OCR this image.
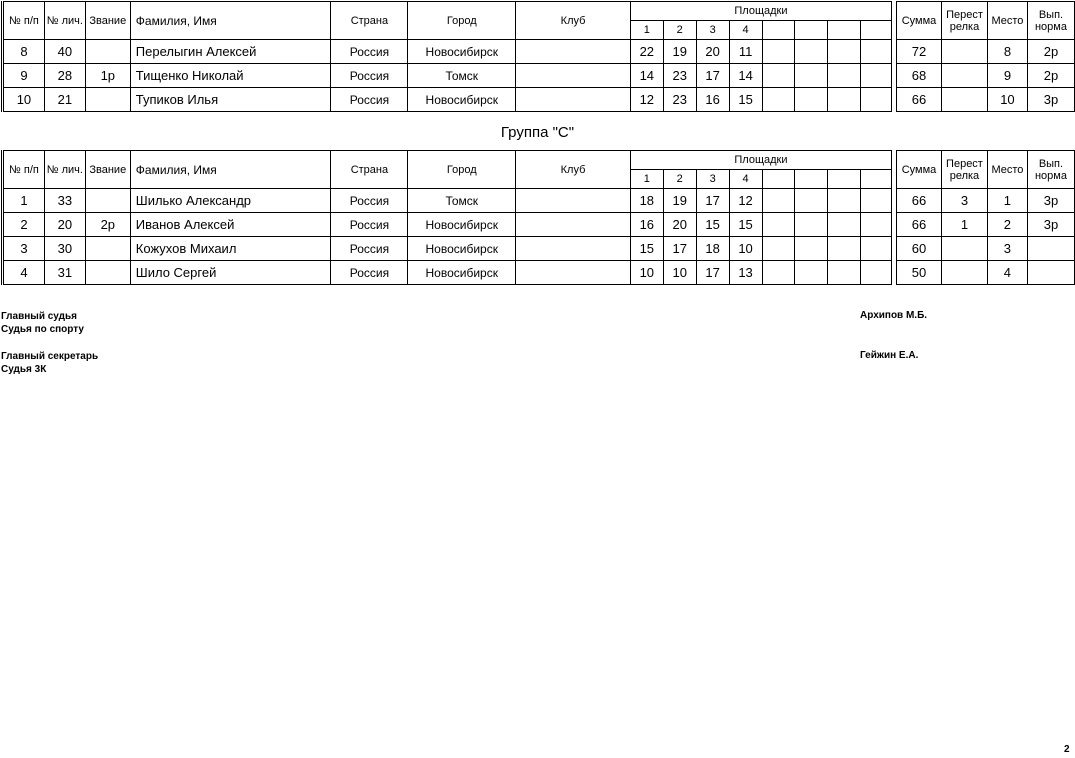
№ п/п	№ лич.	Звание	Фамилия, Имя	Страна	Город	Клуб	Площадки									Сумма	Перест релка	Место	Вып. норма
							1	2	3	4									
8	40		Перелыгин Алексей	Россия	Новосибирск		22	19	20	11						72		8	2р
9	28	1р	Тищенко Николай	Россия	Томск		14	23	17	14						68		9	2р
10	21		Тупиков Илья	Россия	Новосибирск		12	23	16	15						66		10	3р
Группа "С"
№ п/п	№ лич.	Звание	Фамилия, Имя	Страна	Город	Клуб	Площадки									Сумма	Перест релка	Место	Вып. норма
							1	2	3	4									
1	33		Шилько Александр	Россия	Томск		18	19	17	12						66	3	1	3р
2	20	2р	Иванов Алексей	Россия	Новосибирск		16	20	15	15						66	1	2	3р
3	30		Кожухов Михаил	Россия	Новосибирск		15	17	18	10						60		3	
4	31		Шило Сергей	Россия	Новосибирск		10	10	17	13						50		4	
Главный судья
Судья по спорту
Архипов М.Б.
Главный секретарь
Судья 3К
Гейжин Е.А.
2
